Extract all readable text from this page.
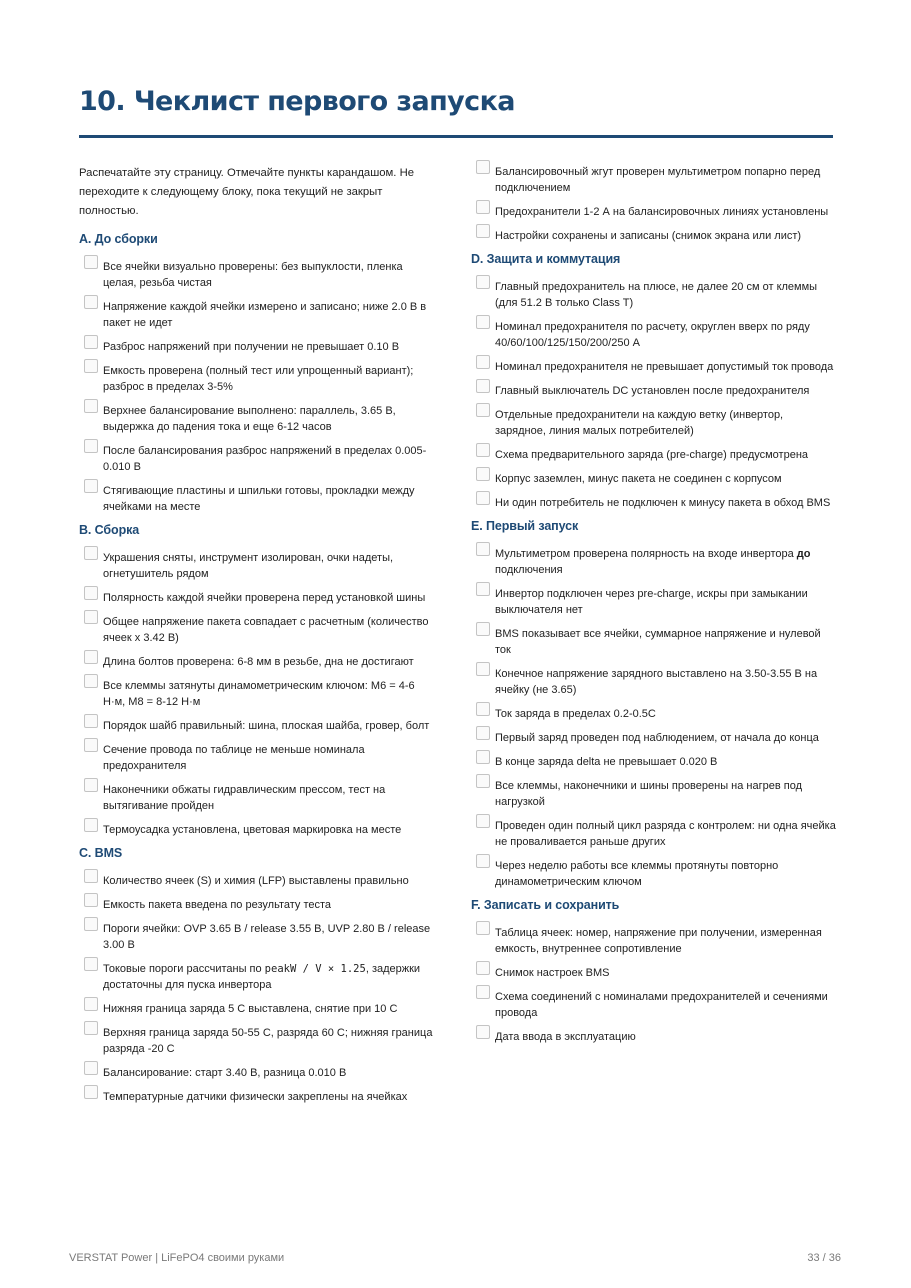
10. Чеклист первого запуска

Распечатайте эту страницу. Отмечайте пункты карандашом. Не переходите к следующему блоку, пока текущий не закрыт полностью.

A. До сборки
Все ячейки визуально проверены: без выпуклости, пленка целая, резьба чистая
Напряжение каждой ячейки измерено и записано; ниже 2.0 В в пакет не идет
Разброс напряжений при получении не превышает 0.10 В
Емкость проверена (полный тест или упрощенный вариант); разброс в пределах 3-5%
Верхнее балансирование выполнено: параллель, 3.65 В, выдержка до падения тока и еще 6-12 часов
После балансирования разброс напряжений в пределах 0.005-0.010 В
Стягивающие пластины и шпильки готовы, прокладки между ячейками на месте
B. Сборка
Украшения сняты, инструмент изолирован, очки надеты, огнетушитель рядом
Полярность каждой ячейки проверена перед установкой шины
Общее напряжение пакета совпадает с расчетным (количество ячеек x 3.42 В)
Длина болтов проверена: 6-8 мм в резьбе, дна не достигают
Все клеммы затянуты динамометрическим ключом: M6 = 4-6 Н·м, M8 = 8-12 Н·м
Порядок шайб правильный: шина, плоская шайба, гровер, болт
Сечение провода по таблице не меньше номинала предохранителя
Наконечники обжаты гидравлическим прессом, тест на вытягивание пройден
Термоусадка установлена, цветовая маркировка на месте
C. BMS
Количество ячеек (S) и химия (LFP) выставлены правильно
Емкость пакета введена по результату теста
Пороги ячейки: OVP 3.65 В / release 3.55 В, UVP 2.80 В / release 3.00 В
Токовые пороги рассчитаны по peakW / V × 1.25, задержки достаточны для пуска инвертора
Нижняя граница заряда 5 C выставлена, снятие при 10 C
Верхняя граница заряда 50-55 C, разряда 60 C; нижняя граница разряда -20 C
Балансирование: старт 3.40 В, разница 0.010 В
Температурные датчики физически закреплены на ячейках
Балансировочный жгут проверен мультиметром попарно перед подключением
Предохранители 1-2 А на балансировочных линиях установлены
Настройки сохранены и записаны (снимок экрана или лист)
D. Защита и коммутация
Главный предохранитель на плюсе, не далее 20 см от клеммы (для 51.2 В только Class T)
Номинал предохранителя по расчету, округлен вверх по ряду 40/60/100/125/150/200/250 А
Номинал предохранителя не превышает допустимый ток провода
Главный выключатель DC установлен после предохранителя
Отдельные предохранители на каждую ветку (инвертор, зарядное, линия малых потребителей)
Схема предварительного заряда (pre-charge) предусмотрена
Корпус заземлен, минус пакета не соединен с корпусом
Ни один потребитель не подключен к минусу пакета в обход BMS
E. Первый запуск
Мультиметром проверена полярность на входе инвертора до подключения
Инвертор подключен через pre-charge, искры при замыкании выключателя нет
BMS показывает все ячейки, суммарное напряжение и нулевой ток
Конечное напряжение зарядного выставлено на 3.50-3.55 В на ячейку (не 3.65)
Ток заряда в пределах 0.2-0.5C
Первый заряд проведен под наблюдением, от начала до конца
В конце заряда delta не превышает 0.020 В
Все клеммы, наконечники и шины проверены на нагрев под нагрузкой
Проведен один полный цикл разряда с контролем: ни одна ячейка не проваливается раньше других
Через неделю работы все клеммы протянуты повторно динамометрическим ключом
F. Записать и сохранить
Таблица ячеек: номер, напряжение при получении, измеренная емкость, внутреннее сопротивление
Снимок настроек BMS
Схема соединений с номиналами предохранителей и сечениями провода
Дата ввода в эксплуатацию
VERSTAT Power | LiFePO4 своими руками	33 / 36
